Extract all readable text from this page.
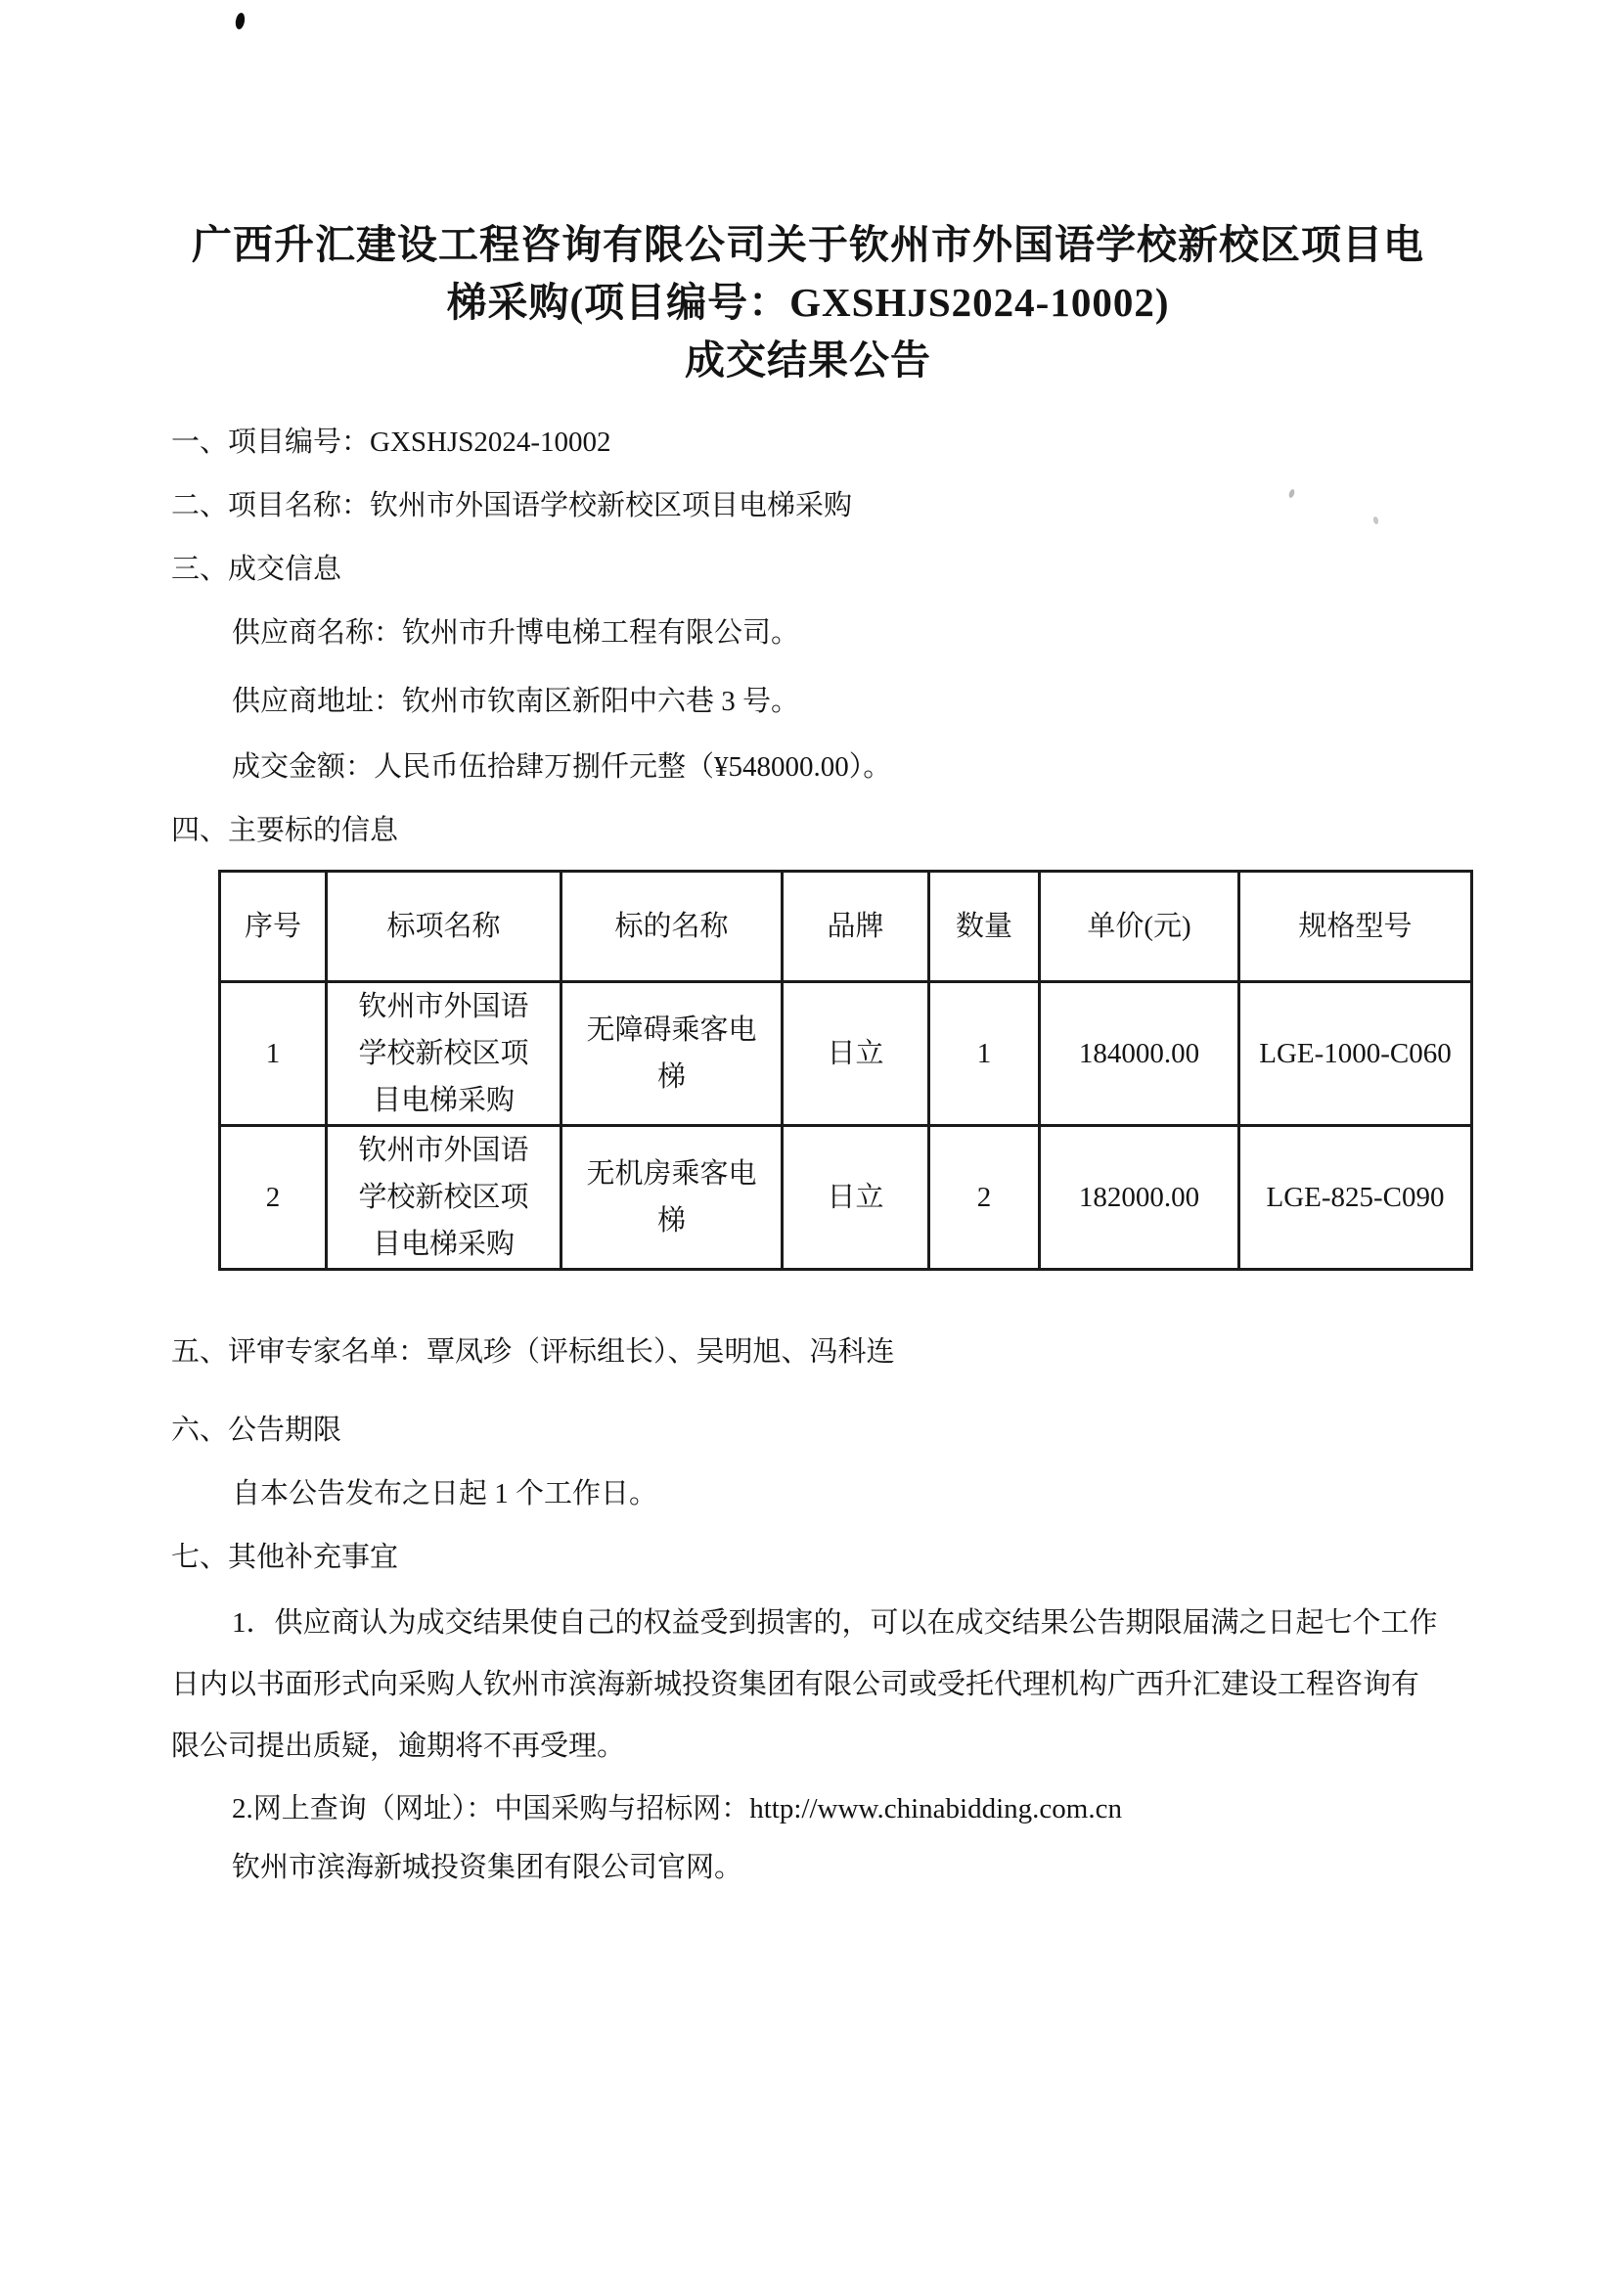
广西升汇建设工程咨询有限公司关于钦州市外国语学校新校区项目电
梯采购(项目编号：GXSHJS2024-10002)
成交结果公告
一、项目编号：GXSHJS2024-10002
二、项目名称：钦州市外国语学校新校区项目电梯采购
三、成交信息
供应商名称：钦州市升博电梯工程有限公司。
供应商地址：钦州市钦南区新阳中六巷 3 号。
成交金额：人民币伍拾肆万捌仟元整（¥548000.00）。
四、主要标的信息
序号	标项名称	标的名称	品牌	数量	单价(元)	规格型号
1	钦州市外国语学校新校区项目电梯采购	无障碍乘客电梯	日立	1	184000.00	LGE-1000-C060
2	钦州市外国语学校新校区项目电梯采购	无机房乘客电梯	日立	2	182000.00	LGE-825-C090
五、评审专家名单：覃凤珍（评标组长）、吴明旭、冯科连
六、公告期限
自本公告发布之日起 1 个工作日。
七、其他补充事宜
1．供应商认为成交结果使自己的权益受到损害的，可以在成交结果公告期限届满之日起七个工作
日内以书面形式向采购人钦州市滨海新城投资集团有限公司或受托代理机构广西升汇建设工程咨询有
限公司提出质疑，逾期将不再受理。
2.网上查询（网址）：中国采购与招标网：http://www.chinabidding.com.cn
钦州市滨海新城投资集团有限公司官网。
